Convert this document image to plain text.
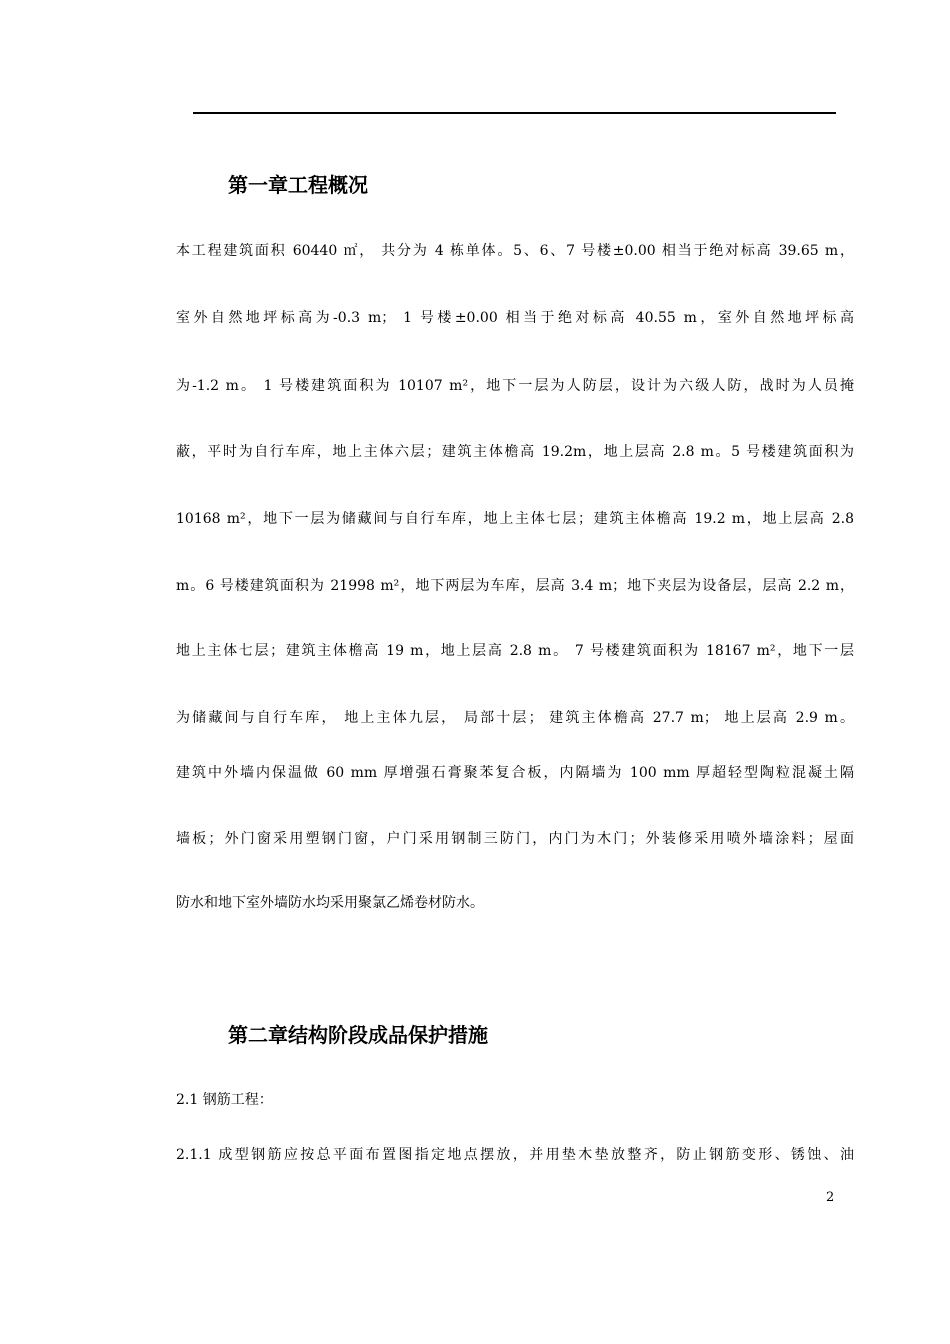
第一章工程概况
本工程建筑面积 60440 ㎡， 共分为 4 栋单体。5、6、7 号楼±0.00 相当于绝对标高 39.65 m，
室外自然地坪标高为-0.3 m； 1 号楼±0.00 相当于绝对标高 40.55 m，室外自然地坪标高
为-1.2 m。 1 号楼建筑面积为 10107 m²，地下一层为人防层，设计为六级人防，战时为人员掩
蔽，平时为自行车库，地上主体六层；建筑主体檐高 19.2m，地上层高 2.8 m。5 号楼建筑面积为
10168 m²，地下一层为储藏间与自行车库，地上主体七层；建筑主体檐高 19.2 m，地上层高 2.8
m。6 号楼建筑面积为 21998 m²，地下两层为车库，层高 3.4 m；地下夹层为设备层，层高 2.2 m，
地上主体七层；建筑主体檐高 19 m，地上层高 2.8 m。 7 号楼建筑面积为 18167 m²，地下一层
为储藏间与自行车库， 地上主体九层， 局部十层； 建筑主体檐高 27.7 m； 地上层高 2.9 m。
建筑中外墙内保温做 60 mm 厚增强石膏聚苯复合板，内隔墙为 100 mm 厚超轻型陶粒混凝土隔
墙板；外门窗采用塑钢门窗，户门采用钢制三防门，内门为木门；外装修采用喷外墙涂料；屋面
防水和地下室外墙防水均采用聚氯乙烯卷材防水。
第二章结构阶段成品保护措施
2.1 钢筋工程：
2.1.1 成型钢筋应按总平面布置图指定地点摆放，并用垫木垫放整齐，防止钢筋变形、锈蚀、油
2
